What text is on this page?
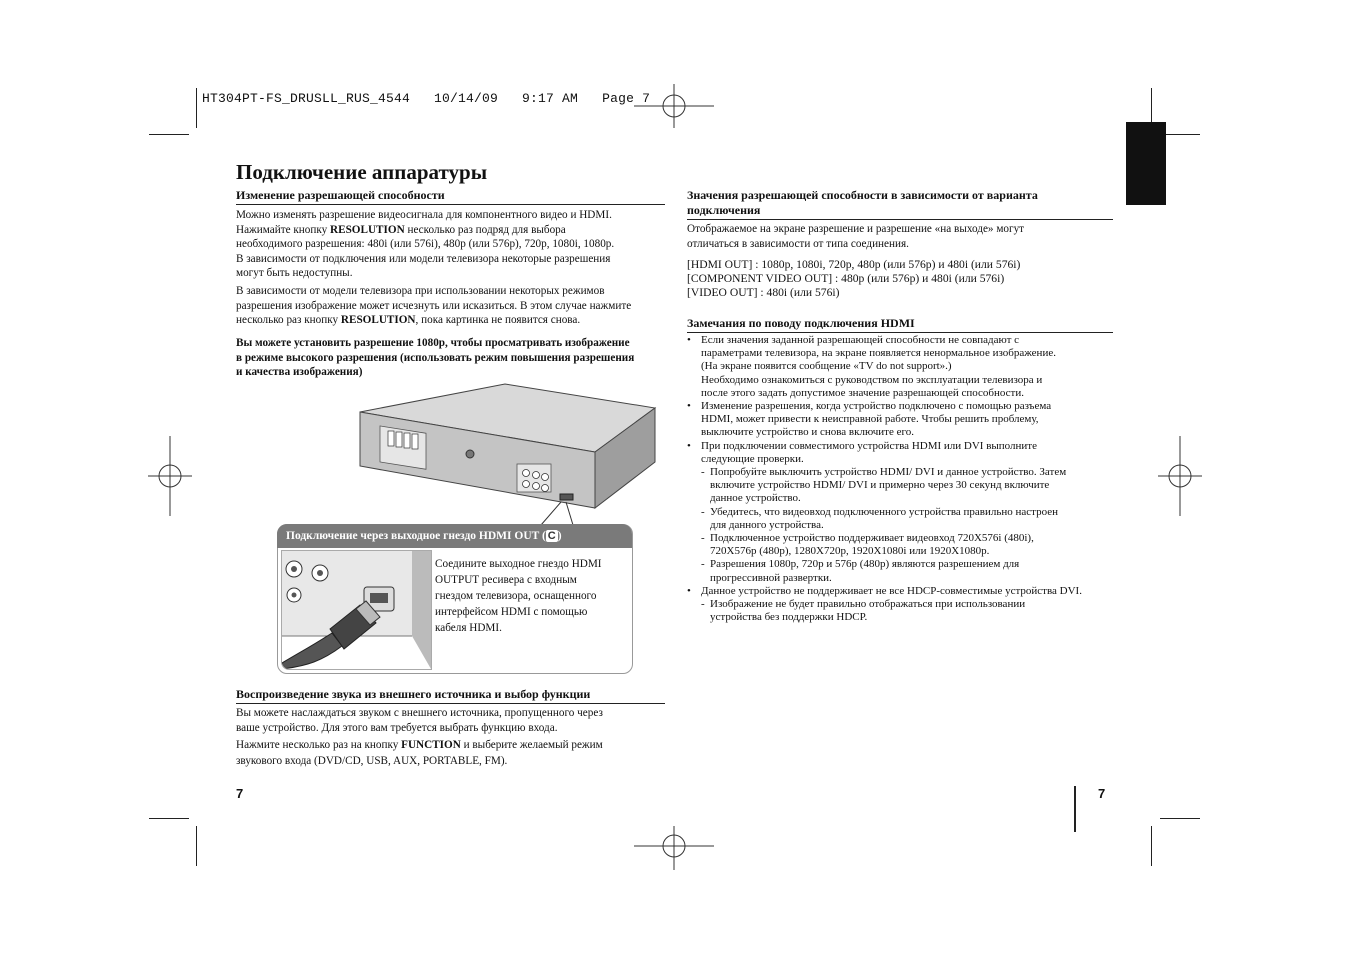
HT304PT-FS_DRUSLL_RUS_4544   10/14/09   9:17 AM   Page 7
Подключение аппаратуры
Изменение разрешающей способности
Можно изменять разрешение видеосигнала для компонентного видео и HDMI.
Нажимайте кнопку RESOLUTION несколько раз подряд для выбора
необходимого разрешения: 480i (или 576i), 480p (или 576p), 720p, 1080i, 1080p.
В зависимости от подключения или модели телевизора некоторые разрешения
могут быть недоступны.
В зависимости от модели телевизора при использовании некоторых режимов
разрешения изображение может исчезнуть или исказиться. В этом случае нажмите
несколько раз кнопку RESOLUTION, пока картинка не появится снова.
Вы можете установить разрешение 1080p, чтобы просматривать изображение
в режиме высокого разрешения (использовать режим повышения разрешения
и качества изображения)
Подключение через выходное гнездо HDMI OUT ( C )
Соедините выходное гнездо HDMI
OUTPUT ресивера с входным
гнездом телевизора, оснащенного
интерфейсом HDMI с помощью
кабеля HDMI.
Воспроизведение звука из внешнего источника и выбор функции
Вы можете наслаждаться звуком с внешнего источника, пропущенного через
ваше устройство. Для этого вам требуется выбрать функцию входа.
Нажмите несколько раз на кнопку FUNCTION и выберите желаемый режим
звукового входа (DVD/CD, USB, AUX, PORTABLE, FM).
7
Значения разрешающей способности в зависимости от варианта
подключения
Отображаемое на экране разрешение и разрешение «на выходе» могут
отличаться в зависимости от типа соединения.
[HDMI OUT] : 1080p, 1080i, 720p, 480p (или 576p) и 480i (или 576i)
[COMPONENT VIDEO OUT] : 480p (или 576p) и 480i (или 576i)
[VIDEO OUT] : 480i (или 576i)
Замечания по поводу подключения HDMI
• Если значения заданной разрешающей способности не совпадают с
параметрами телевизора, на экране появляется ненормальное изображение.
(На экране появится сообщение «TV do not support».)
Необходимо ознакомиться с руководством по эксплуатации телевизора и
после этого задать допустимое значение разрешающей способности.
• Изменение разрешения, когда устройство подключено с помощью разъема
HDMI, может привести к неисправной работе. Чтобы решить проблему,
выключите устройство и снова включите его.
• При подключении совместимого устройства HDMI или DVI выполните
следующие проверки.
- Попробуйте выключить устройство HDMI/ DVI и данное устройство. Затем
включите устройство HDMI/ DVI и примерно через 30 секунд включите
данное устройство.
- Убедитесь, что видеовход подключенного устройства правильно настроен
для данного устройства.
- Подключенное устройство поддерживает видеовход 720X576i (480i),
720X576p (480p), 1280X720p, 1920X1080i или 1920X1080p.
- Разрешения 1080p, 720p и 576p (480p) являются разрешением для
прогрессивной развертки.
• Данное устройство не поддерживает не все HDCP-совместимые устройства DVI.
- Изображение не будет правильно отображаться при использовании
устройства без поддержки HDCP.
7
